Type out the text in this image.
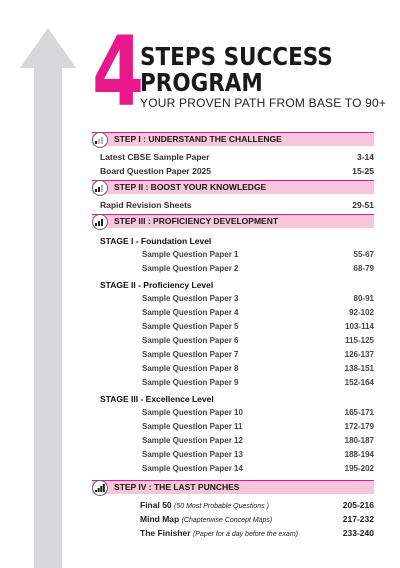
4 STEPS SUCCESS
PROGRAM
YOUR PROVEN PATH FROM BASE TO 90+
STEP I : UNDERSTAND THE CHALLENGE
Latest CBSE Sample Paper	3-14
Board Question Paper 2025	15-25
STEP II : BOOST YOUR KNOWLEDGE
Rapid Revision Sheets	29-51
STEP III : PROFICIENCY DEVELOPMENT
STAGE I - Foundation Level
Sample Question Paper 1	55-67
Sample Question Paper 2	68-79
STAGE II - Proficiency Level
Sample Question Paper 3	80-91
Sample Question Paper 4	92-102
Sample Question Paper 5	103-114
Sample Question Paper 6	115-125
Sample Question Paper 7	126-137
Sample Question Paper 8	138-151
Sample Question Paper 9	152-164
STAGE III - Excellence Level
Sample Question Paper 10	165-171
Sample Question Paper 11	172-179
Sample Question Paper 12	180-187
Sample Question Paper 13	188-194
Sample Question Paper 14	195-202
STEP IV : THE LAST PUNCHES
Final 50 (50 Most Probable Questions )	205-216
Mind Map (Chapterwise Concept Maps)	217-232
The Finisher (Paper for a day before the exam)	233-240
